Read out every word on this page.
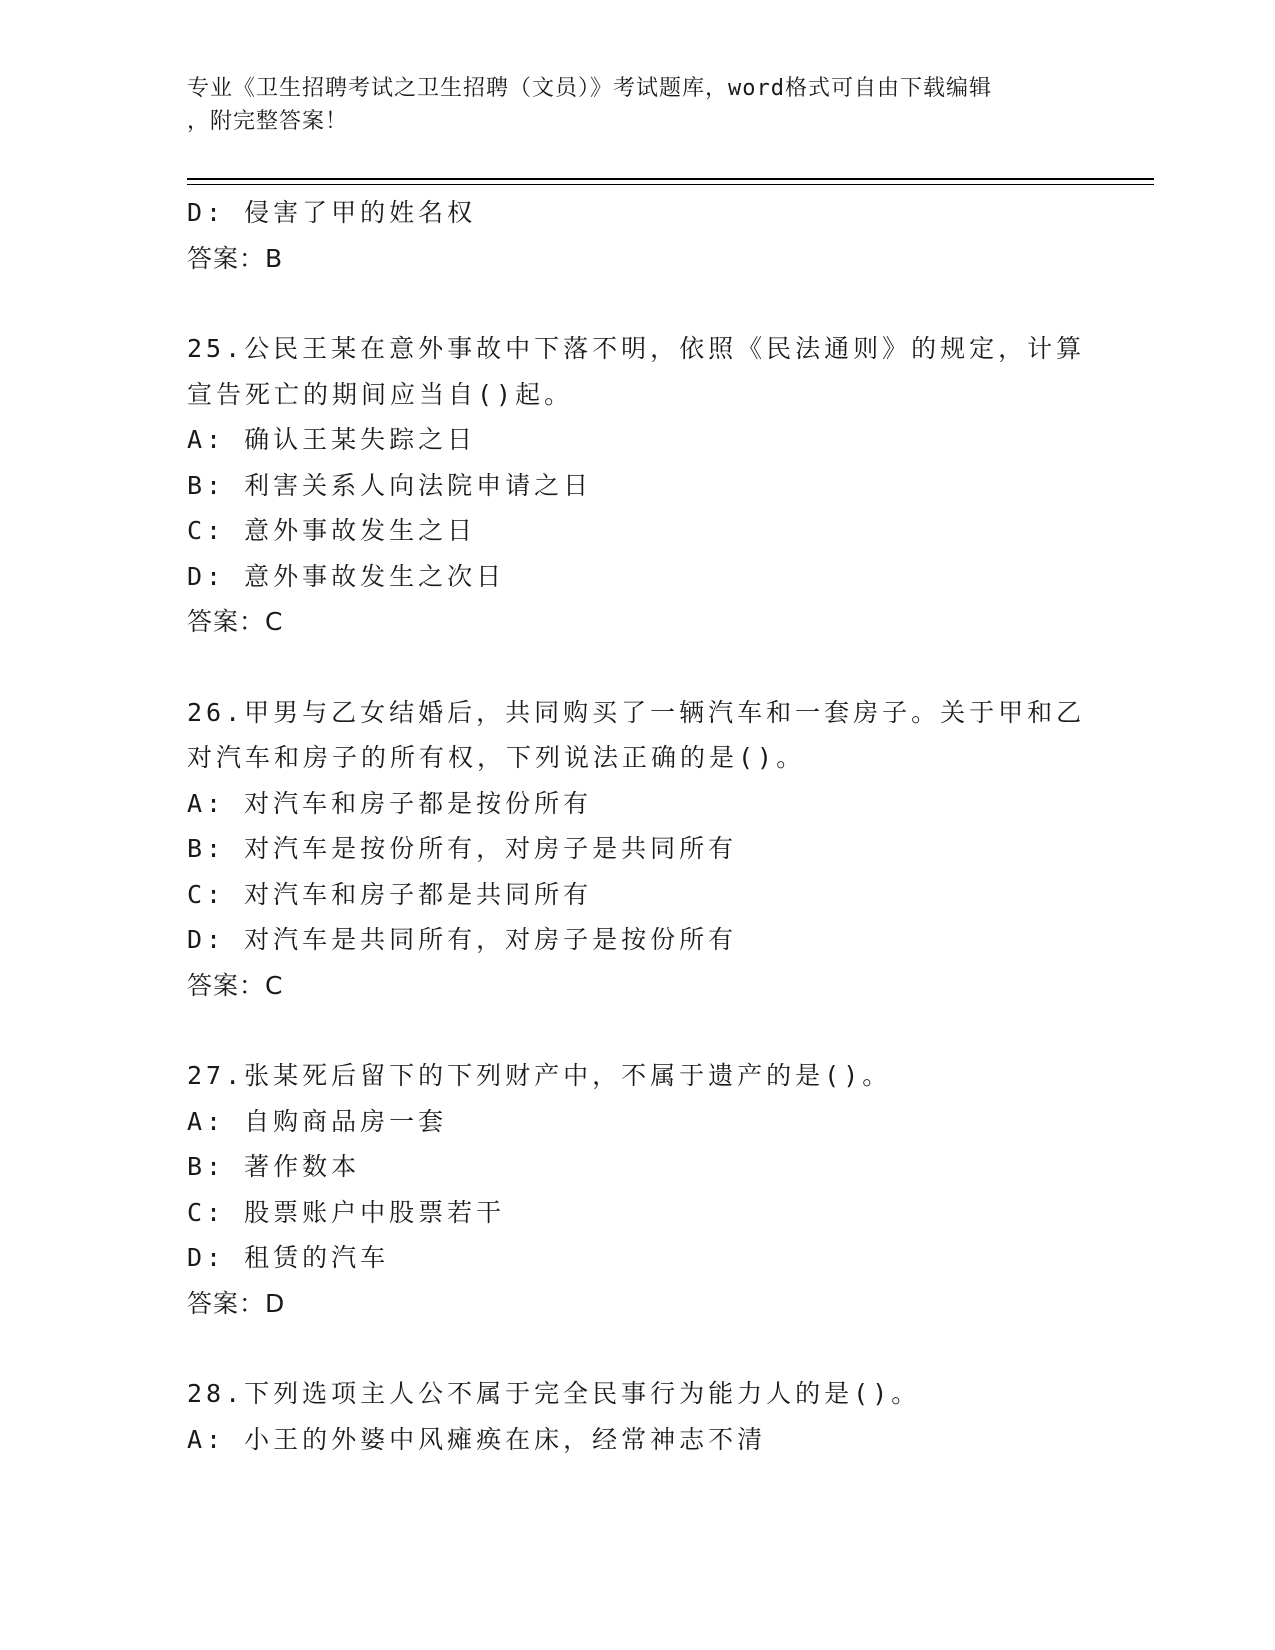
专业《卫生招聘考试之卫生招聘（文员）》考试题库，word格式可自由下载编辑
，附完整答案！
D: 侵害了甲的姓名权
答案：B
25.公民王某在意外事故中下落不明，依照《民法通则》的规定，计算
宣告死亡的期间应当自()起。
A: 确认王某失踪之日
B: 利害关系人向法院申请之日
C: 意外事故发生之日
D: 意外事故发生之次日
答案：C
26.甲男与乙女结婚后，共同购买了一辆汽车和一套房子。关于甲和乙
对汽车和房子的所有权，下列说法正确的是()。
A: 对汽车和房子都是按份所有
B: 对汽车是按份所有，对房子是共同所有
C: 对汽车和房子都是共同所有
D: 对汽车是共同所有，对房子是按份所有
答案：C
27.张某死后留下的下列财产中，不属于遗产的是()。
A: 自购商品房一套
B: 著作数本
C: 股票账户中股票若干
D: 租赁的汽车
答案：D
28.下列选项主人公不属于完全民事行为能力人的是()。
A: 小王的外婆中风瘫痪在床，经常神志不清
